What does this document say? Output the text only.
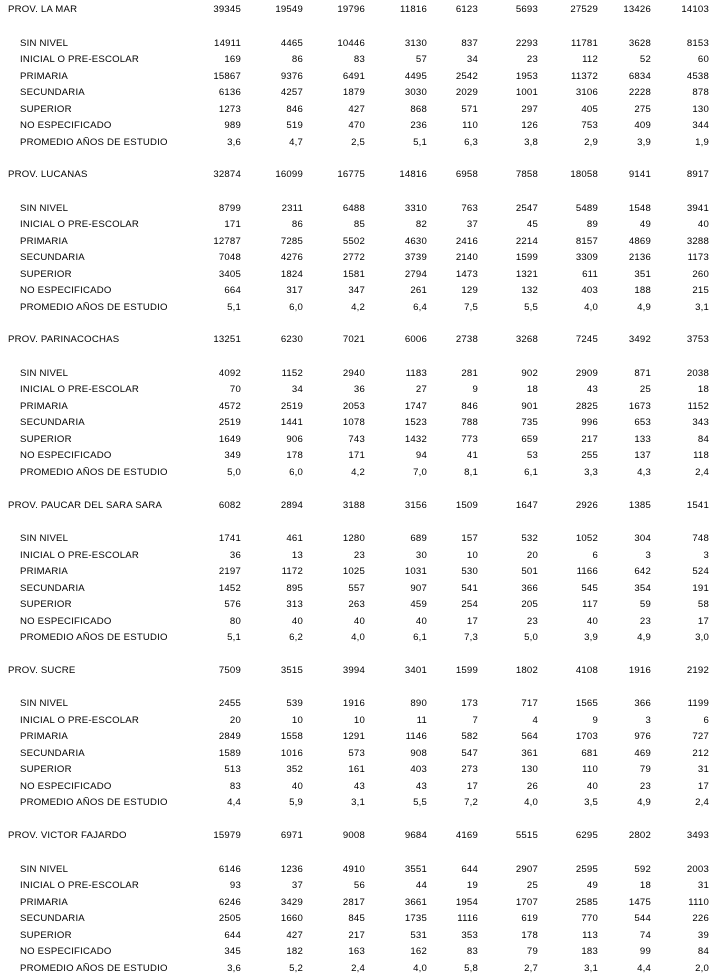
PROV. LA MAR	39345	19549	19796	11816	6123	5693	27529	13426	14103
SIN NIVEL	14911	4465	10446	3130	837	2293	11781	3628	8153
INICIAL O PRE-ESCOLAR	169	86	83	57	34	23	112	52	60
PRIMARIA	15867	9376	6491	4495	2542	1953	11372	6834	4538
SECUNDARIA	6136	4257	1879	3030	2029	1001	3106	2228	878
SUPERIOR	1273	846	427	868	571	297	405	275	130
NO ESPECIFICADO	989	519	470	236	110	126	753	409	344
PROMEDIO AÑOS DE ESTUDIO	3,6	4,7	2,5	5,1	6,3	3,8	2,9	3,9	1,9
PROV. LUCANAS	32874	16099	16775	14816	6958	7858	18058	9141	8917
SIN NIVEL	8799	2311	6488	3310	763	2547	5489	1548	3941
INICIAL O PRE-ESCOLAR	171	86	85	82	37	45	89	49	40
PRIMARIA	12787	7285	5502	4630	2416	2214	8157	4869	3288
SECUNDARIA	7048	4276	2772	3739	2140	1599	3309	2136	1173
SUPERIOR	3405	1824	1581	2794	1473	1321	611	351	260
NO ESPECIFICADO	664	317	347	261	129	132	403	188	215
PROMEDIO AÑOS DE ESTUDIO	5,1	6,0	4,2	6,4	7,5	5,5	4,0	4,9	3,1
PROV. PARINACOCHAS	13251	6230	7021	6006	2738	3268	7245	3492	3753
SIN NIVEL	4092	1152	2940	1183	281	902	2909	871	2038
INICIAL O PRE-ESCOLAR	70	34	36	27	9	18	43	25	18
PRIMARIA	4572	2519	2053	1747	846	901	2825	1673	1152
SECUNDARIA	2519	1441	1078	1523	788	735	996	653	343
SUPERIOR	1649	906	743	1432	773	659	217	133	84
NO ESPECIFICADO	349	178	171	94	41	53	255	137	118
PROMEDIO AÑOS DE ESTUDIO	5,0	6,0	4,2	7,0	8,1	6,1	3,3	4,3	2,4
PROV. PAUCAR DEL SARA SARA	6082	2894	3188	3156	1509	1647	2926	1385	1541
SIN NIVEL	1741	461	1280	689	157	532	1052	304	748
INICIAL O PRE-ESCOLAR	36	13	23	30	10	20	6	3	3
PRIMARIA	2197	1172	1025	1031	530	501	1166	642	524
SECUNDARIA	1452	895	557	907	541	366	545	354	191
SUPERIOR	576	313	263	459	254	205	117	59	58
NO ESPECIFICADO	80	40	40	40	17	23	40	23	17
PROMEDIO AÑOS DE ESTUDIO	5,1	6,2	4,0	6,1	7,3	5,0	3,9	4,9	3,0
PROV. SUCRE	7509	3515	3994	3401	1599	1802	4108	1916	2192
SIN NIVEL	2455	539	1916	890	173	717	1565	366	1199
INICIAL O PRE-ESCOLAR	20	10	10	11	7	4	9	3	6
PRIMARIA	2849	1558	1291	1146	582	564	1703	976	727
SECUNDARIA	1589	1016	573	908	547	361	681	469	212
SUPERIOR	513	352	161	403	273	130	110	79	31
NO ESPECIFICADO	83	40	43	43	17	26	40	23	17
PROMEDIO AÑOS DE ESTUDIO	4,4	5,9	3,1	5,5	7,2	4,0	3,5	4,9	2,4
PROV. VICTOR FAJARDO	15979	6971	9008	9684	4169	5515	6295	2802	3493
SIN NIVEL	6146	1236	4910	3551	644	2907	2595	592	2003
INICIAL O PRE-ESCOLAR	93	37	56	44	19	25	49	18	31
PRIMARIA	6246	3429	2817	3661	1954	1707	2585	1475	1110
SECUNDARIA	2505	1660	845	1735	1116	619	770	544	226
SUPERIOR	644	427	217	531	353	178	113	74	39
NO ESPECIFICADO	345	182	163	162	83	79	183	99	84
PROMEDIO AÑOS DE ESTUDIO	3,6	5,2	2,4	4,0	5,8	2,7	3,1	4,4	2,0
